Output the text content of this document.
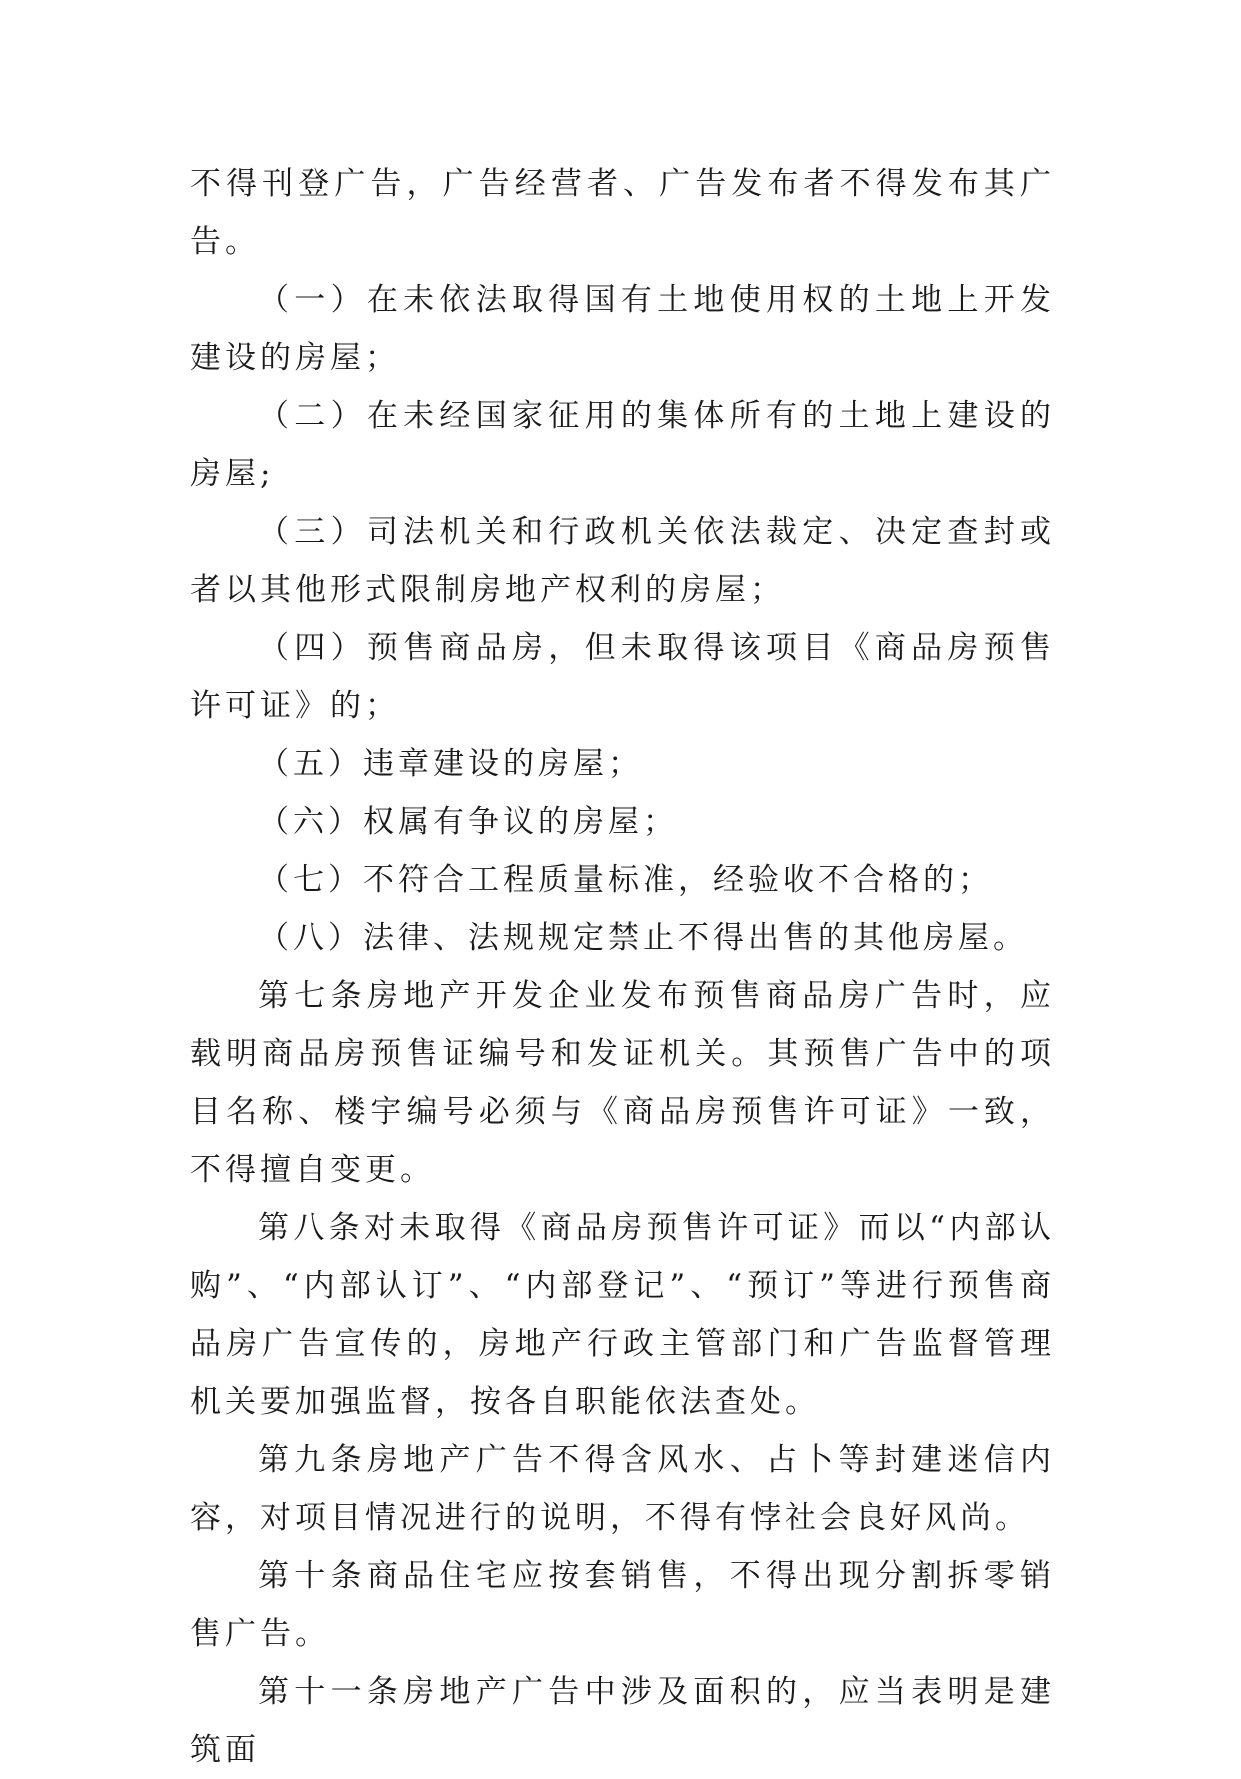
不得刊登广告，广告经营者、广告发布者不得发布其广告。

（一）在未依法取得国有土地使用权的土地上开发建设的房屋；

（二）在未经国家征用的集体所有的土地上建设的房屋;

（三）司法机关和行政机关依法裁定、决定查封或者以其他形式限制房地产权利的房屋；

（四）预售商品房，但未取得该项目《商品房预售许可证》的；

（五）违章建设的房屋；

（六）权属有争议的房屋；

（七）不符合工程质量标准，经验收不合格的；

（八）法律、法规规定禁止不得出售的其他房屋。

第七条房地产开发企业发布预售商品房广告时，应载明商品房预售证编号和发证机关。其预售广告中的项目名称、楼宇编号必须与《商品房预售许可证》一致，不得擅自变更。

第八条对未取得《商品房预售许可证》而以“内部认购”、“内部认订”、“内部登记”、“预订”等进行预售商品房广告宣传的，房地产行政主管部门和广告监督管理机关要加强监督，按各自职能依法查处。

第九条房地产广告不得含风水、占卜等封建迷信内容，对项目情况进行的说明，不得有悖社会良好风尚。

第十条商品住宅应按套销售，不得出现分割拆零销售广告。

第十一条房地产广告中涉及面积的，应当表明是建筑面
